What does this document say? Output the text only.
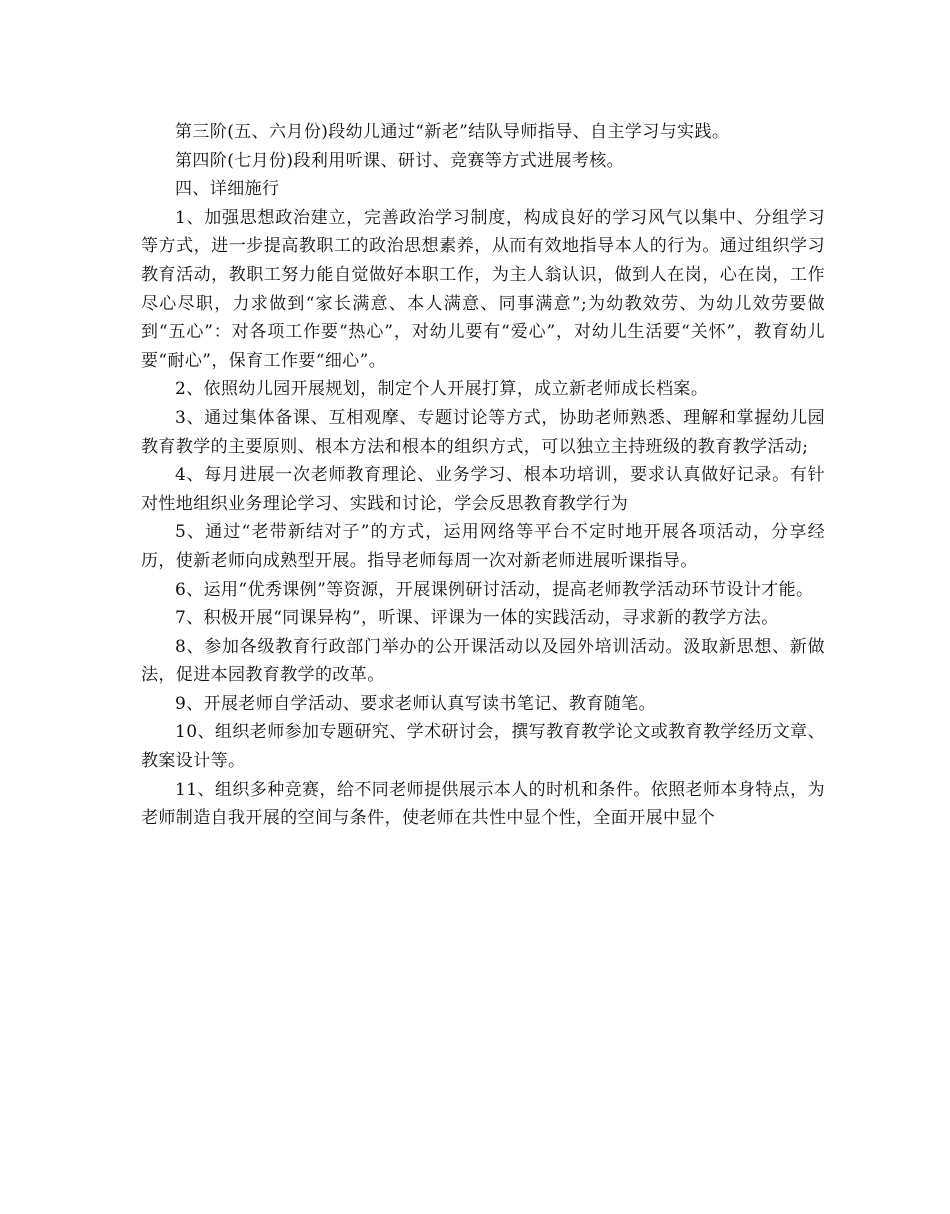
第三阶(五、六月份)段幼儿通过“新老”结队导师指导、自主学习与实践。

第四阶(七月份)段利用听课、研讨、竞赛等方式进展考核。

四、详细施行

1、加强思想政治建立，完善政治学习制度，构成良好的学习风气以集中、分组学习等方式，进一步提高教职工的政治思想素养，从而有效地指导本人的行为。通过组织学习教育活动，教职工努力能自觉做好本职工作，为主人翁认识，做到人在岗，心在岗，工作尽心尽职，力求做到“家长满意、本人满意、同事满意”;为幼教效劳、为幼儿效劳要做到“五心”：对各项工作要“热心”，对幼儿要有“爱心”，对幼儿生活要“关怀”，教育幼儿要“耐心”，保育工作要“细心”。

2、依照幼儿园开展规划，制定个人开展打算，成立新老师成长档案。

3、通过集体备课、互相观摩、专题讨论等方式，协助老师熟悉、理解和掌握幼儿园教育教学的主要原则、根本方法和根本的组织方式，可以独立主持班级的教育教学活动;

4、每月进展一次老师教育理论、业务学习、根本功培训，要求认真做好记录。有针对性地组织业务理论学习、实践和讨论，学会反思教育教学行为

5、通过“老带新结对子”的方式，运用网络等平台不定时地开展各项活动，分享经历，使新老师向成熟型开展。指导老师每周一次对新老师进展听课指导。

6、运用“优秀课例”等资源，开展课例研讨活动，提高老师教学活动环节设计才能。

7、积极开展“同课异构”，听课、评课为一体的实践活动，寻求新的教学方法。

8、参加各级教育行政部门举办的公开课活动以及园外培训活动。汲取新思想、新做法，促进本园教育教学的改革。

9、开展老师自学活动、要求老师认真写读书笔记、教育随笔。

10、组织老师参加专题研究、学术研讨会，撰写教育教学论文或教育教学经历文章、教案设计等。

11、组织多种竞赛，给不同老师提供展示本人的时机和条件。依照老师本身特点，为老师制造自我开展的空间与条件，使老师在共性中显个性，全面开展中显个
